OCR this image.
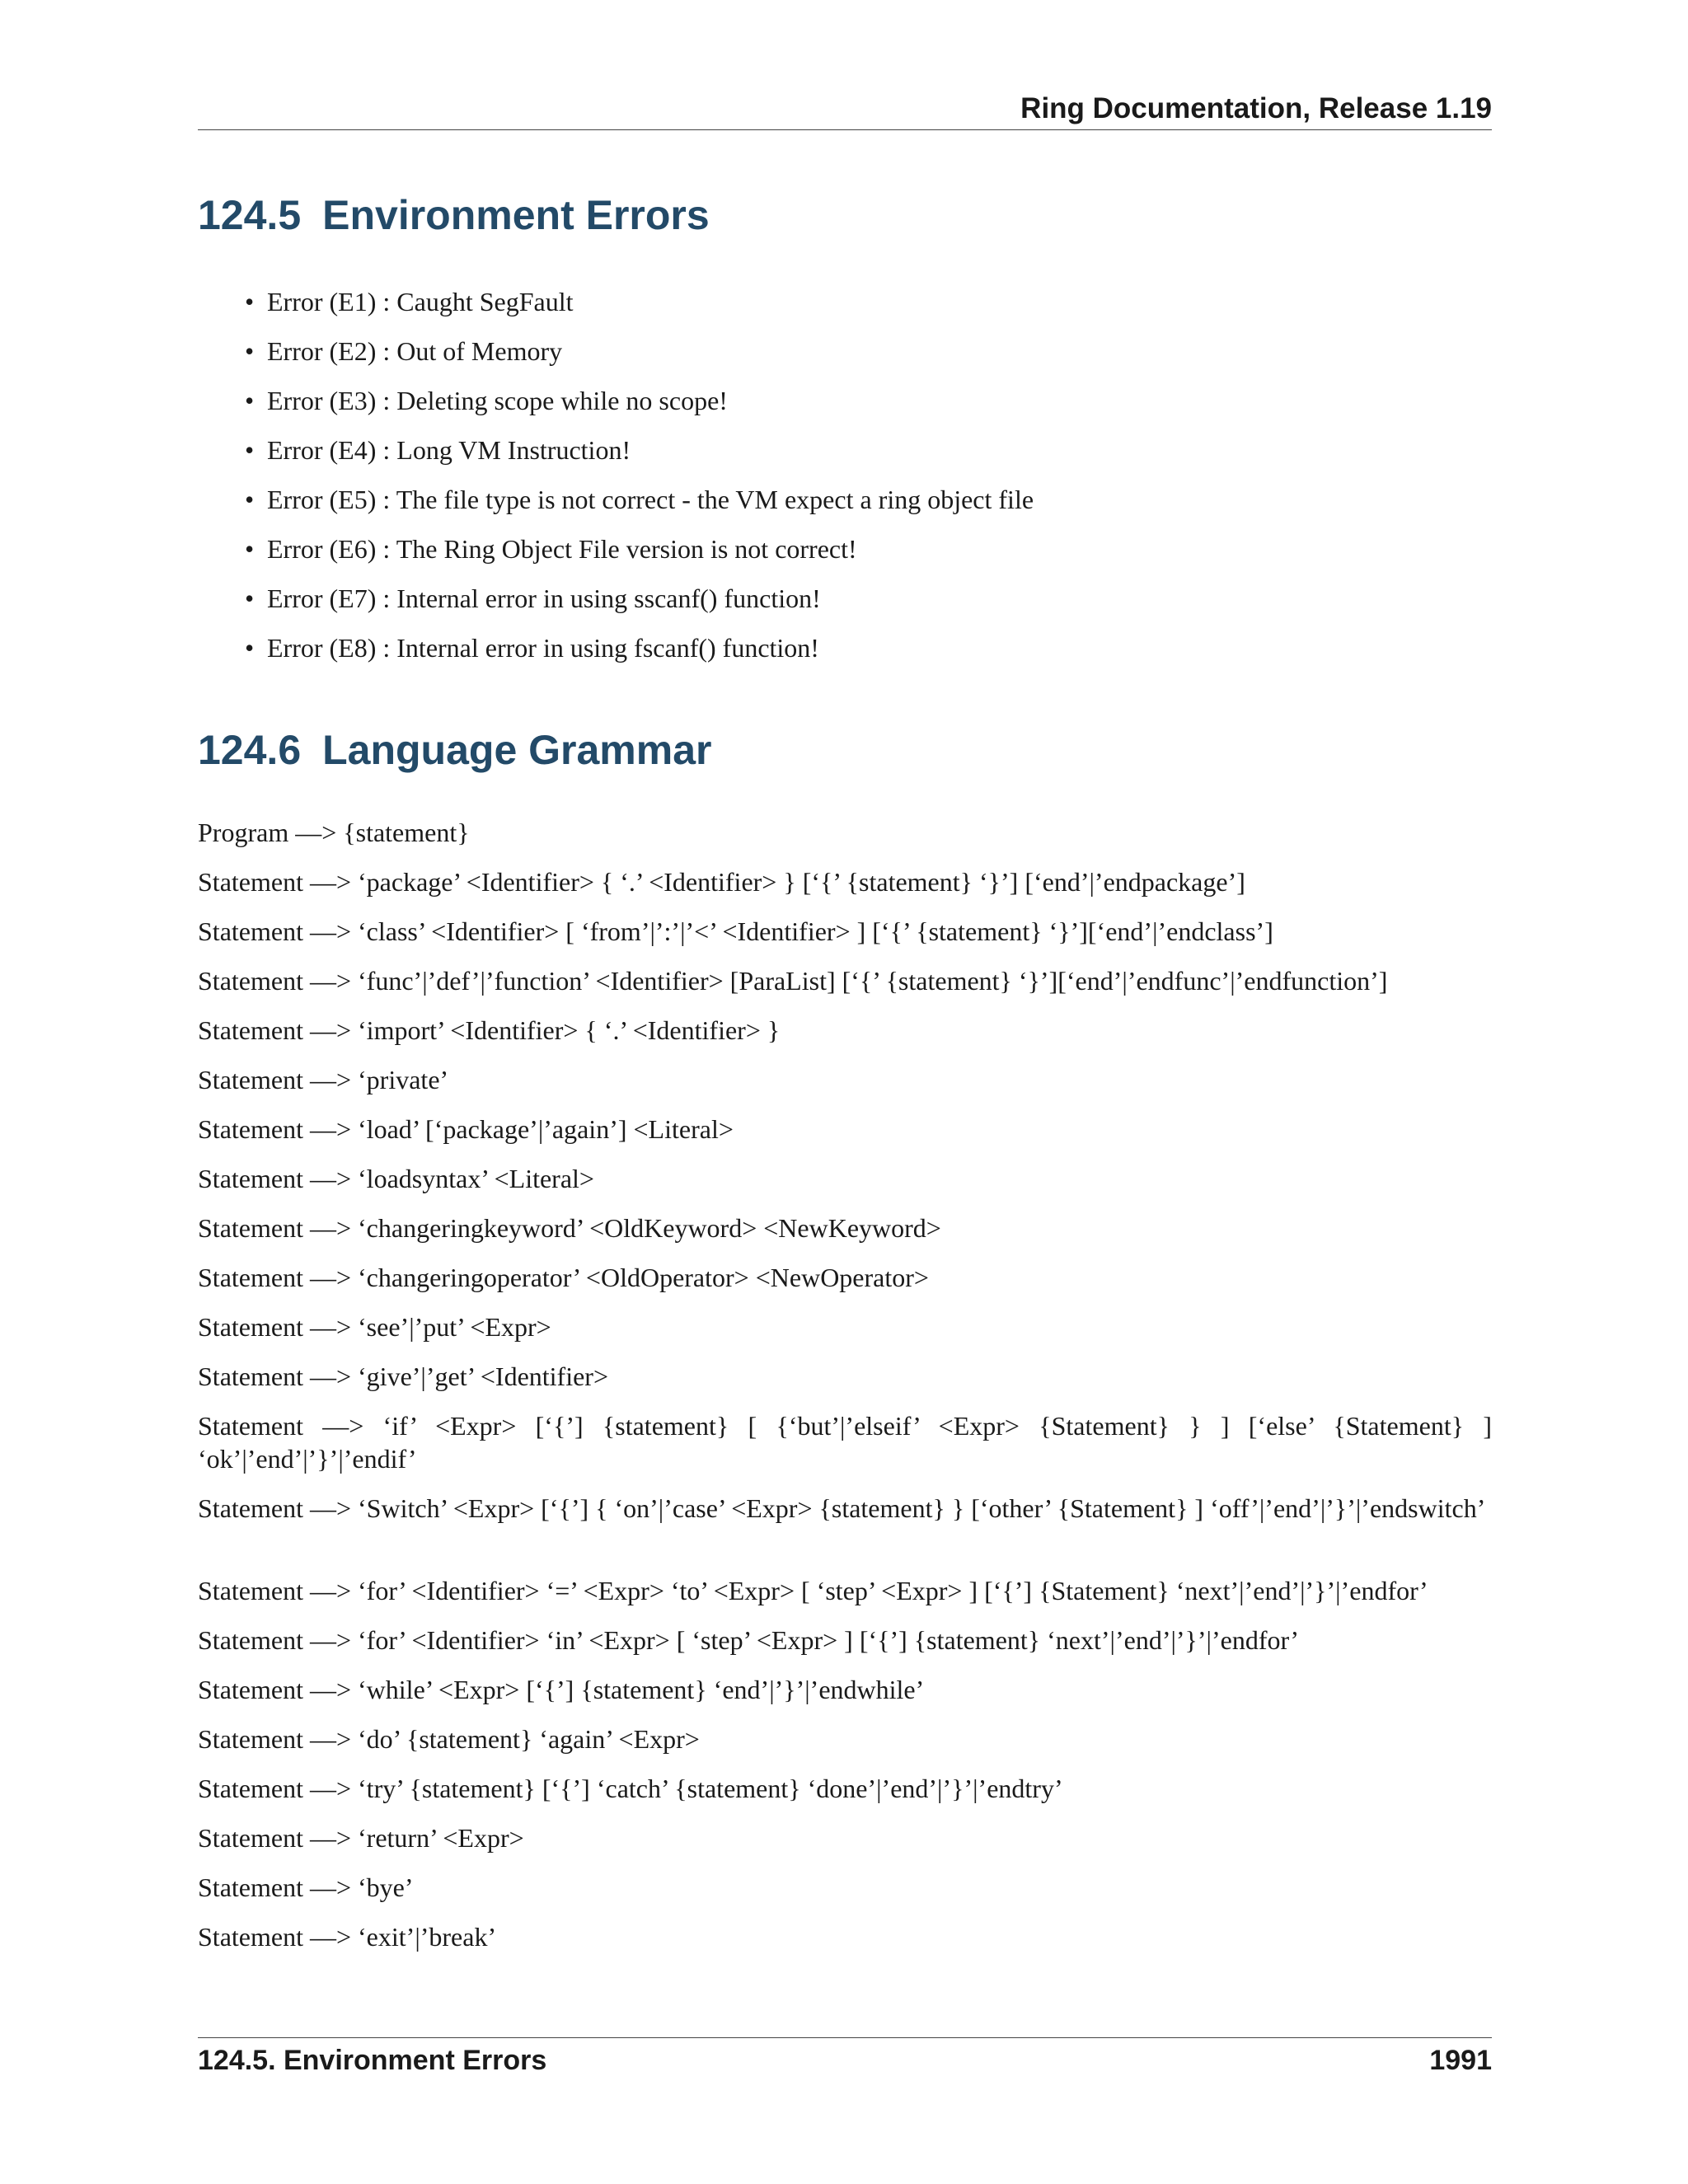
Ring Documentation, Release 1.19
124.5 Environment Errors
• Error (E1) : Caught SegFault
• Error (E2) : Out of Memory
• Error (E3) : Deleting scope while no scope!
• Error (E4) : Long VM Instruction!
• Error (E5) : The file type is not correct - the VM expect a ring object file
• Error (E6) : The Ring Object File version is not correct!
• Error (E7) : Internal error in using sscanf() function!
• Error (E8) : Internal error in using fscanf() function!
124.6 Language Grammar

Program —> {statement}

Statement —> ‘package’ <Identifier> { ‘.’ <Identifier> } [‘{’ {statement} ‘}’] [‘end’|’endpackage’]

Statement —> ‘class’ <Identifier> [ ‘from’|’:’|’<’ <Identifier> ] [‘{’ {statement} ‘}’][‘end’|’endclass’]

Statement —> ‘func’|’def’|’function’ <Identifier> [ParaList] [‘{’ {statement} ‘}’][‘end’|’endfunc’|’endfunction’]

Statement —> ‘import’ <Identifier> { ‘.’ <Identifier> }

Statement —> ‘private’

Statement —> ‘load’ [‘package’|’again’] <Literal>

Statement —> ‘loadsyntax’ <Literal>

Statement —> ‘changeringkeyword’ <OldKeyword> <NewKeyword>

Statement —> ‘changeringoperator’ <OldOperator> <NewOperator>

Statement —> ‘see’|’put’ <Expr>

Statement —> ‘give’|’get’ <Identifier>

Statement —> ‘if’ <Expr> [‘{’] {statement} [ {‘but’|’elseif’ <Expr> {Statement} } ] [‘else’ {Statement} ] ‘ok’|’end’|’}’|’endif’

Statement —> ‘Switch’ <Expr> [‘{’] { ‘on’|’case’ <Expr> {statement} } [‘other’ {Statement} ] ‘off’|’end’|’}’|’endswitch’

Statement —> ‘for’ <Identifier> ‘=’ <Expr> ‘to’ <Expr> [ ‘step’ <Expr> ] [‘{’] {Statement} ‘next’|’end’|’}’|’endfor’

Statement —> ‘for’ <Identifier> ‘in’ <Expr> [ ‘step’ <Expr> ] [‘{’] {statement} ‘next’|’end’|’}’|’endfor’

Statement —> ‘while’ <Expr> [‘{’] {statement} ‘end’|’}’|’endwhile’

Statement —> ‘do’ {statement} ‘again’ <Expr>

Statement —> ‘try’ {statement} [‘{’] ‘catch’ {statement} ‘done’|’end’|’}’|’endtry’

Statement —> ‘return’ <Expr>

Statement —> ‘bye’

Statement —> ‘exit’|’break’

124.5. Environment Errors	1991
